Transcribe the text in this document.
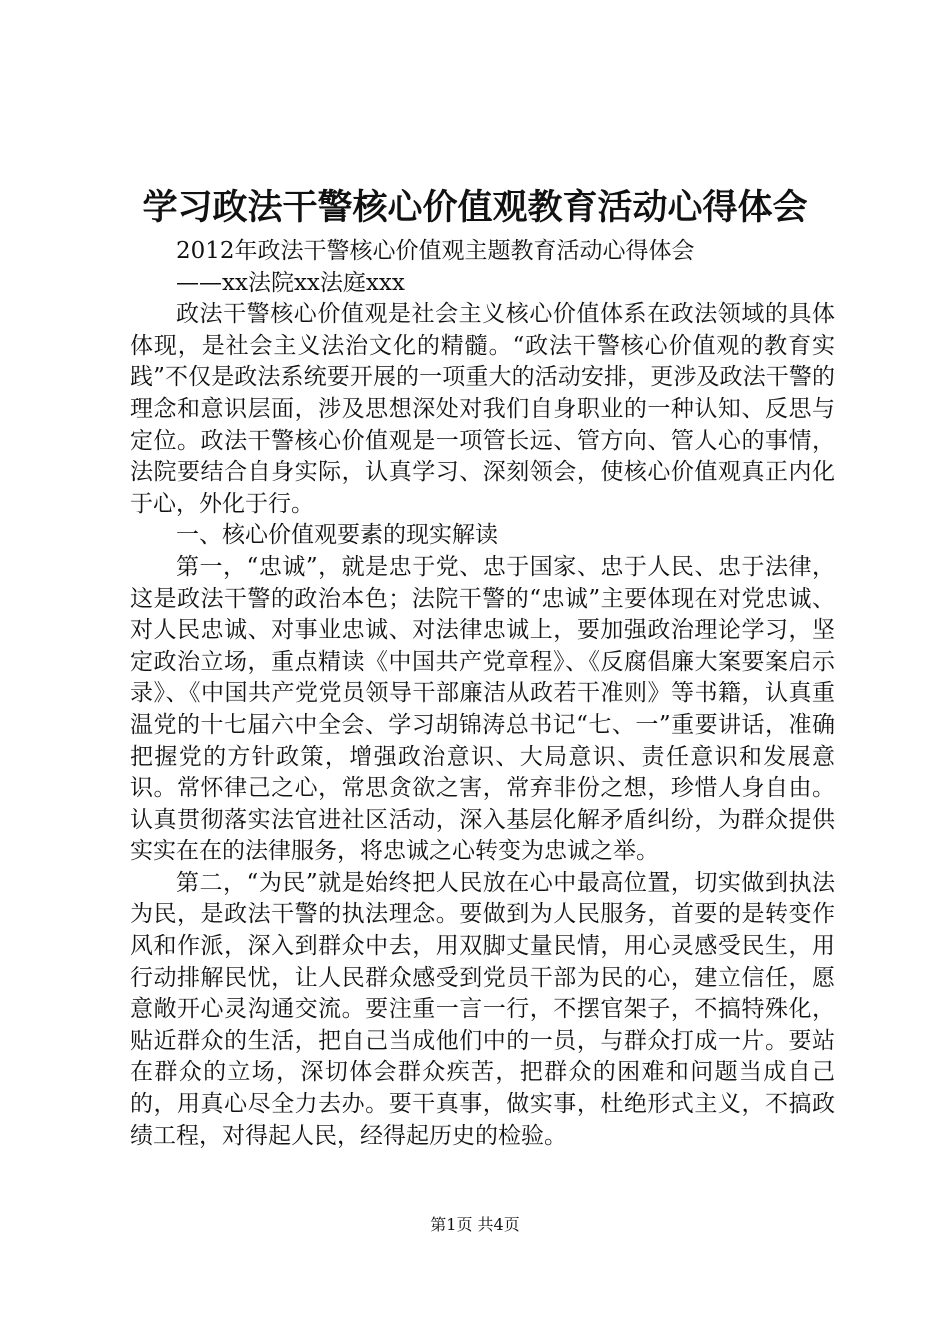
学习政法干警核心价值观教育活动心得体会

2012年政法干警核心价值观主题教育活动心得体会

——xx法院xx法庭xxx

政法干警核心价值观是社会主义核心价值体系在政法领域的具体体现，是社会主义法治文化的精髓。“政法干警核心价值观的教育实践”不仅是政法系统要开展的一项重大的活动安排，更涉及政法干警的理念和意识层面，涉及思想深处对我们自身职业的一种认知、反思与定位。政法干警核心价值观是一项管长远、管方向、管人心的事情，法院要结合自身实际，认真学习、深刻领会，使核心价值观真正内化于心，外化于行。

一、核心价值观要素的现实解读

第一，“忠诚”，就是忠于党、忠于国家、忠于人民、忠于法律，这是政法干警的政治本色；法院干警的“忠诚”主要体现在对党忠诚、对人民忠诚、对事业忠诚、对法律忠诚上，要加强政治理论学习，坚定政治立场，重点精读《中国共产党章程》、《反腐倡廉大案要案启示录》、《中国共产党党员领导干部廉洁从政若干准则》等书籍，认真重温党的十七届六中全会、学习胡锦涛总书记“七、一”重要讲话，准确把握党的方针政策，增强政治意识、大局意识、责任意识和发展意识。常怀律己之心，常思贪欲之害，常弃非份之想，珍惜人身自由。认真贯彻落实法官进社区活动，深入基层化解矛盾纠纷，为群众提供实实在在的法律服务，将忠诚之心转变为忠诚之举。

第二，“为民”就是始终把人民放在心中最高位置，切实做到执法为民，是政法干警的执法理念。要做到为人民服务，首要的是转变作风和作派，深入到群众中去，用双脚丈量民情，用心灵感受民生，用行动排解民忧，让人民群众感受到党员干部为民的心，建立信任，愿意敞开心灵沟通交流。要注重一言一行，不摆官架子，不搞特殊化，贴近群众的生活，把自己当成他们中的一员，与群众打成一片。要站在群众的立场，深切体会群众疾苦，把群众的困难和问题当成自己的，用真心尽全力去办。要干真事，做实事，杜绝形式主义，不搞政绩工程，对得起人民，经得起历史的检验。

第1页 共4页
